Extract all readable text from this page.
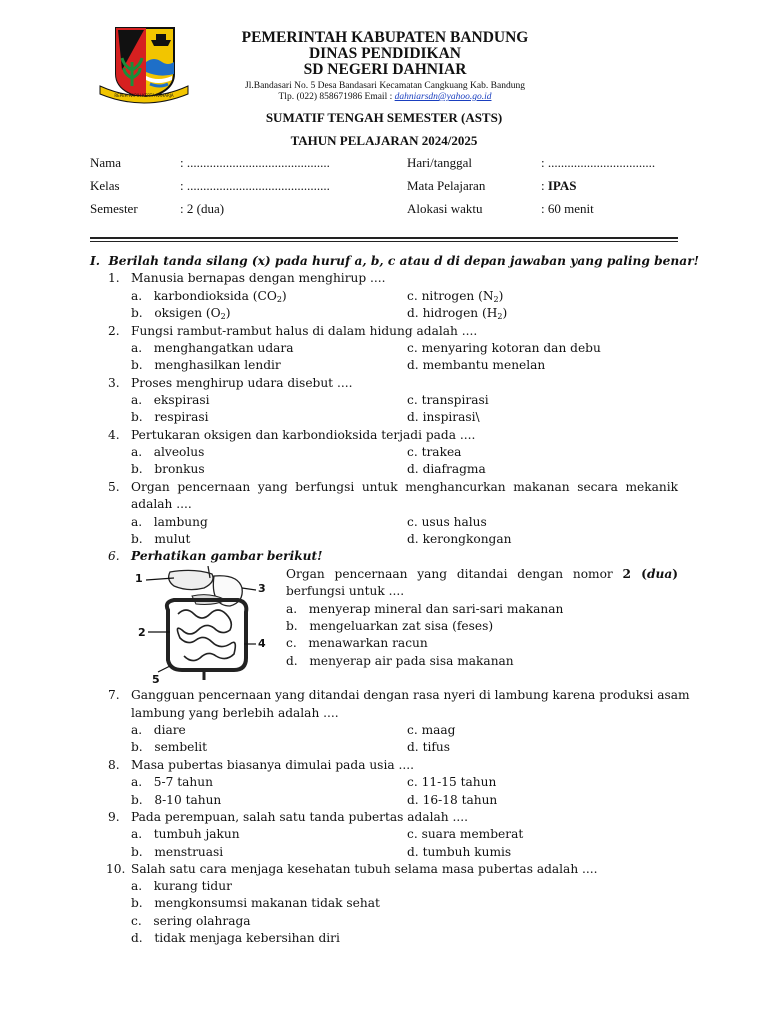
REPEH RAPIH KERTA RAHARJA
PEMERINTAH KABUPATEN BANDUNG
DINAS PENDIDIKAN
SD NEGERI DAHNIAR
Jl.Bandasari No. 5 Desa Bandasari Kecamatan Cangkuang Kab. Bandung
Tlp. (022) 858671986 Email : dahniarsdn@yahoo.go.id
SUMATIF TENGAH SEMESTER (ASTS)
TAHUN PELAJARAN 2024/2025
Nama	: ............................................	Hari/tanggal	: .................................
Kelas	: ............................................	Mata Pelajaran	: IPAS
Semester	: 2 (dua)	Alokasi waktu	: 60 menit
I. Berilah tanda silang (x) pada huruf a, b, c atau d di depan jawaban yang paling benar!
1. Manusia bernapas dengan menghirup ....
a. karbondioksida $(CO_2)$	c. nitrogen $(N_2)$
b. oksigen $(O_2)$	d. hidrogen $(H_2)$
2. Fungsi rambut-rambut halus di dalam hidung adalah ....
a. menghangatkan udara	c. menyaring kotoran dan debu
b. menghasilkan lendir	d. membantu menelan
3. Proses menghirup udara disebut ....
a. ekspirasi	c. transpirasi
b. respirasi	d. inspirasi\
4. Pertukaran oksigen dan karbondioksida terjadi pada ....
a. alveolus	c. trakea
b. bronkus	d. diafragma
5. Organ pencernaan yang berfungsi untuk menghancurkan makanan secara mekanik
adalah ....
a. lambung	c. usus halus
b. mulut	d. kerongkongan
6. Perhatikan gambar berikut!
1
2
3
4
5
Organ pencernaan yang ditandai dengan nomor 2 (dua)
berfungsi untuk ....
a. menyerap mineral dan sari-sari makanan
b. mengeluarkan zat sisa (feses)
c. menawarkan racun
d. menyerap air pada sisa makanan
7. Gangguan pencernaan yang ditandai dengan rasa nyeri di lambung karena produksi asam
lambung yang berlebih adalah ....
a. diare	c. maag
b. sembelit	d. tifus
8. Masa pubertas biasanya dimulai pada usia ....
a. 5-7 tahun	c. 11-15 tahun
b. 8-10 tahun	d. 16-18 tahun
9. Pada perempuan, salah satu tanda pubertas adalah ....
a. tumbuh jakun	c. suara memberat
b. menstruasi	d. tumbuh kumis
10. Salah satu cara menjaga kesehatan tubuh selama masa pubertas adalah ....
a. kurang tidur
b. mengkonsumsi makanan tidak sehat
c. sering olahraga
d. tidak menjaga kebersihan diri
